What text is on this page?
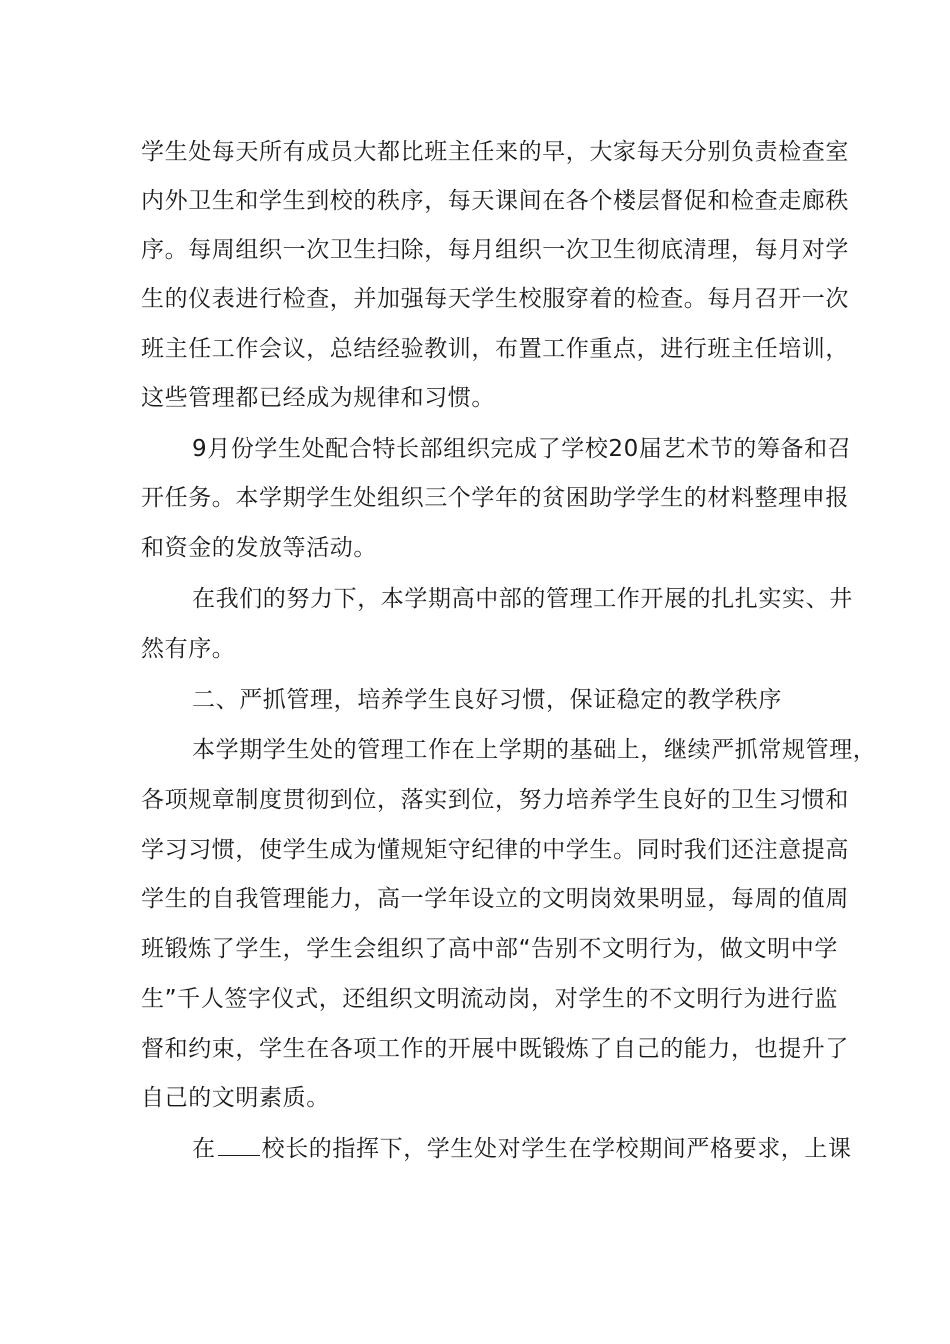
学生处每天所有成员大都比班主任来的早，大家每天分别负责检查室
内外卫生和学生到校的秩序，每天课间在各个楼层督促和检查走廊秩
序。每周组织一次卫生扫除，每月组织一次卫生彻底清理，每月对学
生的仪表进行检查，并加强每天学生校服穿着的检查。每月召开一次
班主任工作会议，总结经验教训，布置工作重点，进行班主任培训，
这些管理都已经成为规律和习惯。
9月份学生处配合特长部组织完成了学校20届艺术节的筹备和召
开任务。本学期学生处组织三个学年的贫困助学学生的材料整理申报
和资金的发放等活动。
在我们的努力下，本学期高中部的管理工作开展的扎扎实实、井
然有序。
二、严抓管理，培养学生良好习惯，保证稳定的教学秩序
本学期学生处的管理工作在上学期的基础上，继续严抓常规管理，
各项规章制度贯彻到位，落实到位，努力培养学生良好的卫生习惯和
学习习惯，使学生成为懂规矩守纪律的中学生。同时我们还注意提高
学生的自我管理能力，高一学年设立的文明岗效果明显，每周的值周
班锻炼了学生，学生会组织了高中部“告别不文明行为，做文明中学
生”千人签字仪式，还组织文明流动岗，对学生的不文明行为进行监
督和约束，学生在各项工作的开展中既锻炼了自己的能力，也提升了
自己的文明素质。
在 校长的指挥下，学生处对学生在学校期间严格要求，上课
